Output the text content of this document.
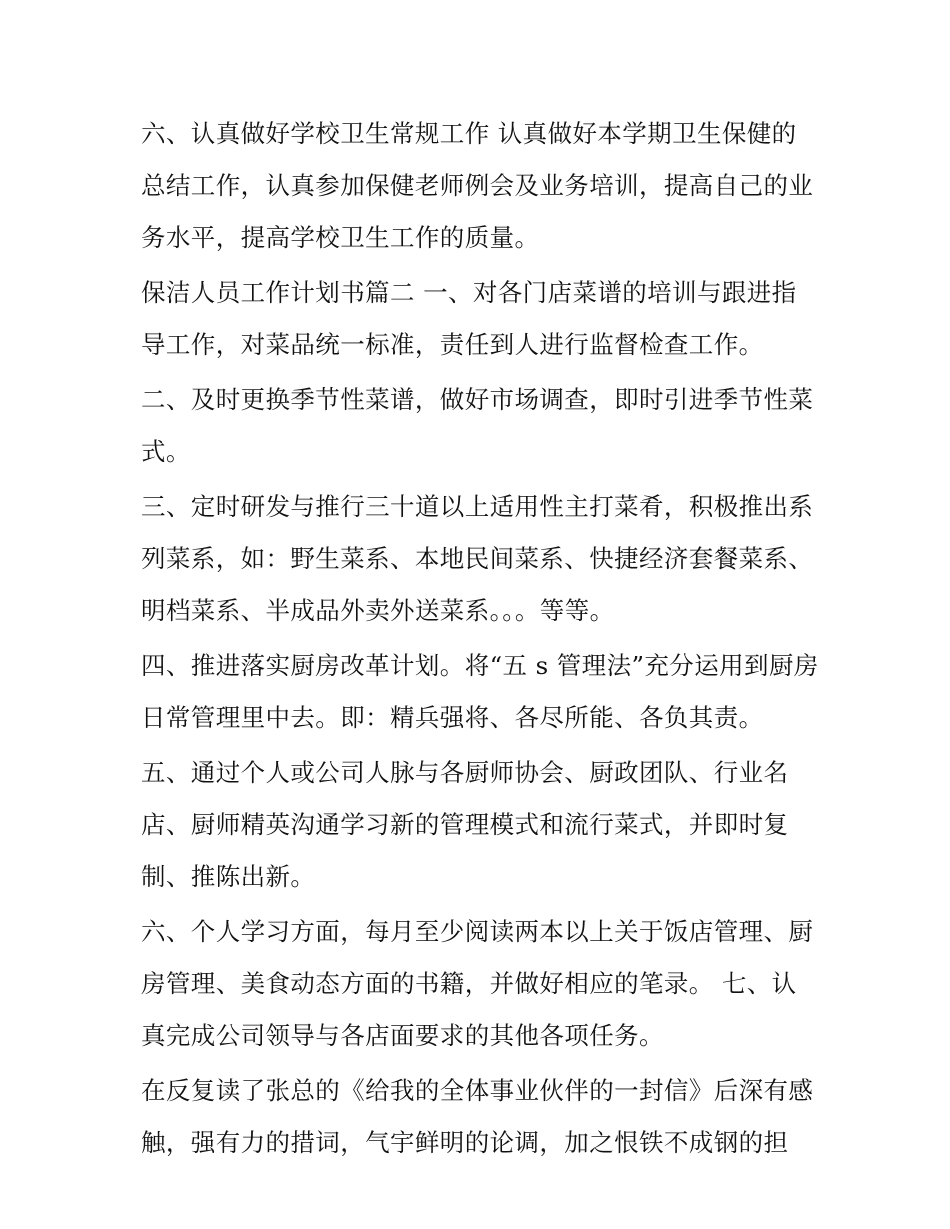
六、认真做好学校卫生常规工作 认真做好本学期卫生保健的
总结工作，认真参加保健老师例会及业务培训，提高自己的业
务水平，提高学校卫生工作的质量。

保洁人员工作计划书篇二 一、对各门店菜谱的培训与跟进指
导工作，对菜品统一标准，责任到人进行监督检查工作。

二、及时更换季节性菜谱，做好市场调查，即时引进季节性菜
式。

三、定时研发与推行三十道以上适用性主打菜肴，积极推出系
列菜系，如：野生菜系、本地民间菜系、快捷经济套餐菜系、
明档菜系、半成品外卖外送菜系。。。等等。

四、推进落实厨房改革计划。将“五 s 管理法”充分运用到厨房
日常管理里中去。即：精兵强将、各尽所能、各负其责。

五、通过个人或公司人脉与各厨师协会、厨政团队、行业名
店、厨师精英沟通学习新的管理模式和流行菜式，并即时复
制、推陈出新。

六、个人学习方面，每月至少阅读两本以上关于饭店管理、厨
房管理、美食动态方面的书籍，并做好相应的笔录。 七、认
真完成公司领导与各店面要求的其他各项任务。

在反复读了张总的《给我的全体事业伙伴的一封信》后深有感
触，强有力的措词，气宇鲜明的论调，加之恨铁不成钢的担
